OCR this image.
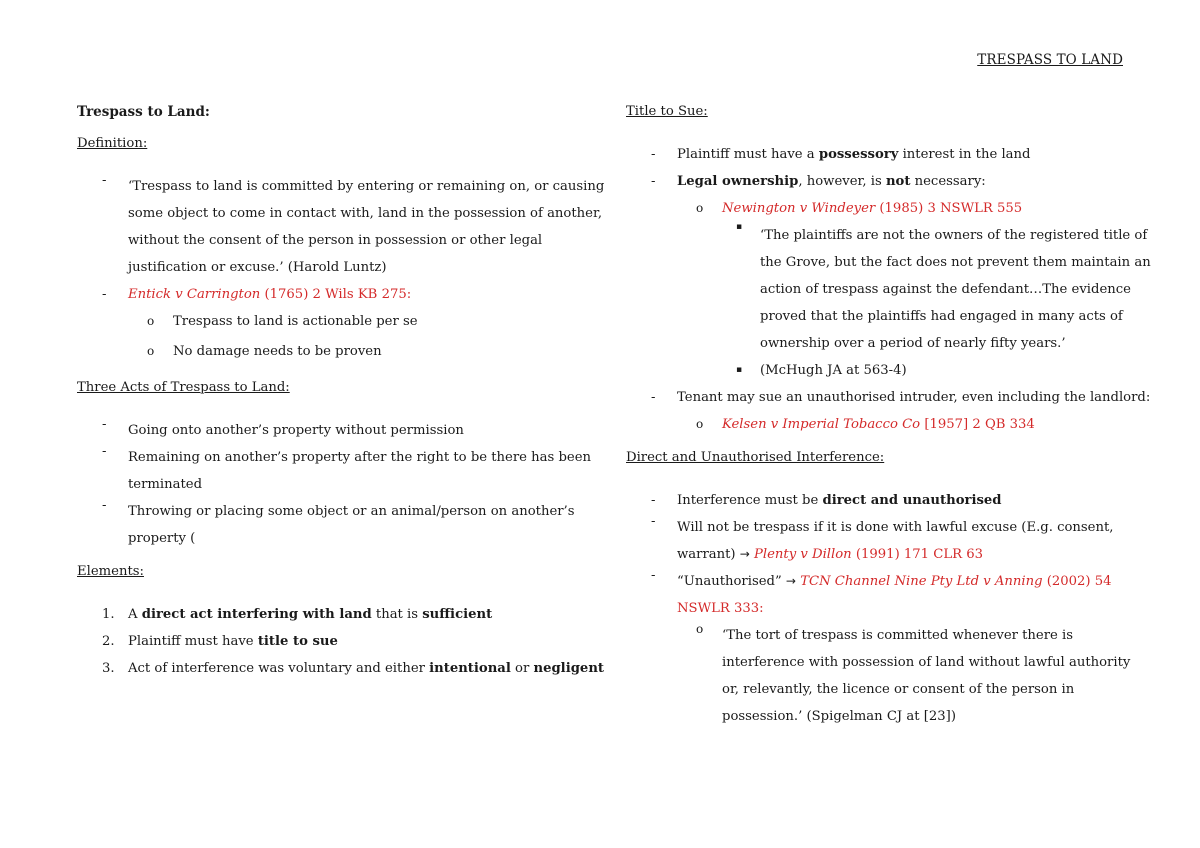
TRESPASS TO LAND
Trespass to Land:
Definition:
-	‘Trespass to land is committed by entering or remaining on, or causing
some object to come in contact with, land in the possession of another,
without the consent of the person in possession or other legal
justification or excuse.’ (Harold Luntz)
-	Entick v Carrington (1765) 2 Wils KB 275:
o Trespass to land is actionable per se
o No damage needs to be proven
Three Acts of Trespass to Land:
-	Going onto another’s property without permission
-	Remaining on another’s property after the right to be there has been
terminated
-	Throwing or placing some object or an animal/person on another’s
property (
Elements:
1.	A direct act interfering with land that is sufficient
2.	Plaintiff must have title to sue
3.	Act of interference was voluntary and either intentional or negligent
Title to Sue:
-	Plaintiff must have a possessory interest in the land
-	Legal ownership, however, is not necessary:
o Newington v Windeyer (1985) 3 NSWLR 555
▪
‘The plaintiffs are not the owners of the registered title of
the Grove, but the fact does not prevent them maintain an
action of trespass against the defendant…The evidence
proved that the plaintiffs had engaged in many acts of
ownership over a period of nearly fifty years.’
▪ (McHugh JA at 563-4)
-	Tenant may sue an unauthorised intruder, even including the landlord:
o Kelsen v Imperial Tobacco Co [1957] 2 QB 334
Direct and Unauthorised Interference:
-	Interference must be direct and unauthorised
-	Will not be trespass if it is done with lawful excuse (E.g. consent,
warrant) → Plenty v Dillon (1991) 171 CLR 63
-	“Unauthorised” → TCN Channel Nine Pty Ltd v Anning (2002) 54
NSWLR 333:
o ‘The tort of trespass is committed whenever there is
interference with possession of land without lawful authority
or, relevantly, the licence or consent of the person in
possession.’ (Spigelman CJ at [23])
